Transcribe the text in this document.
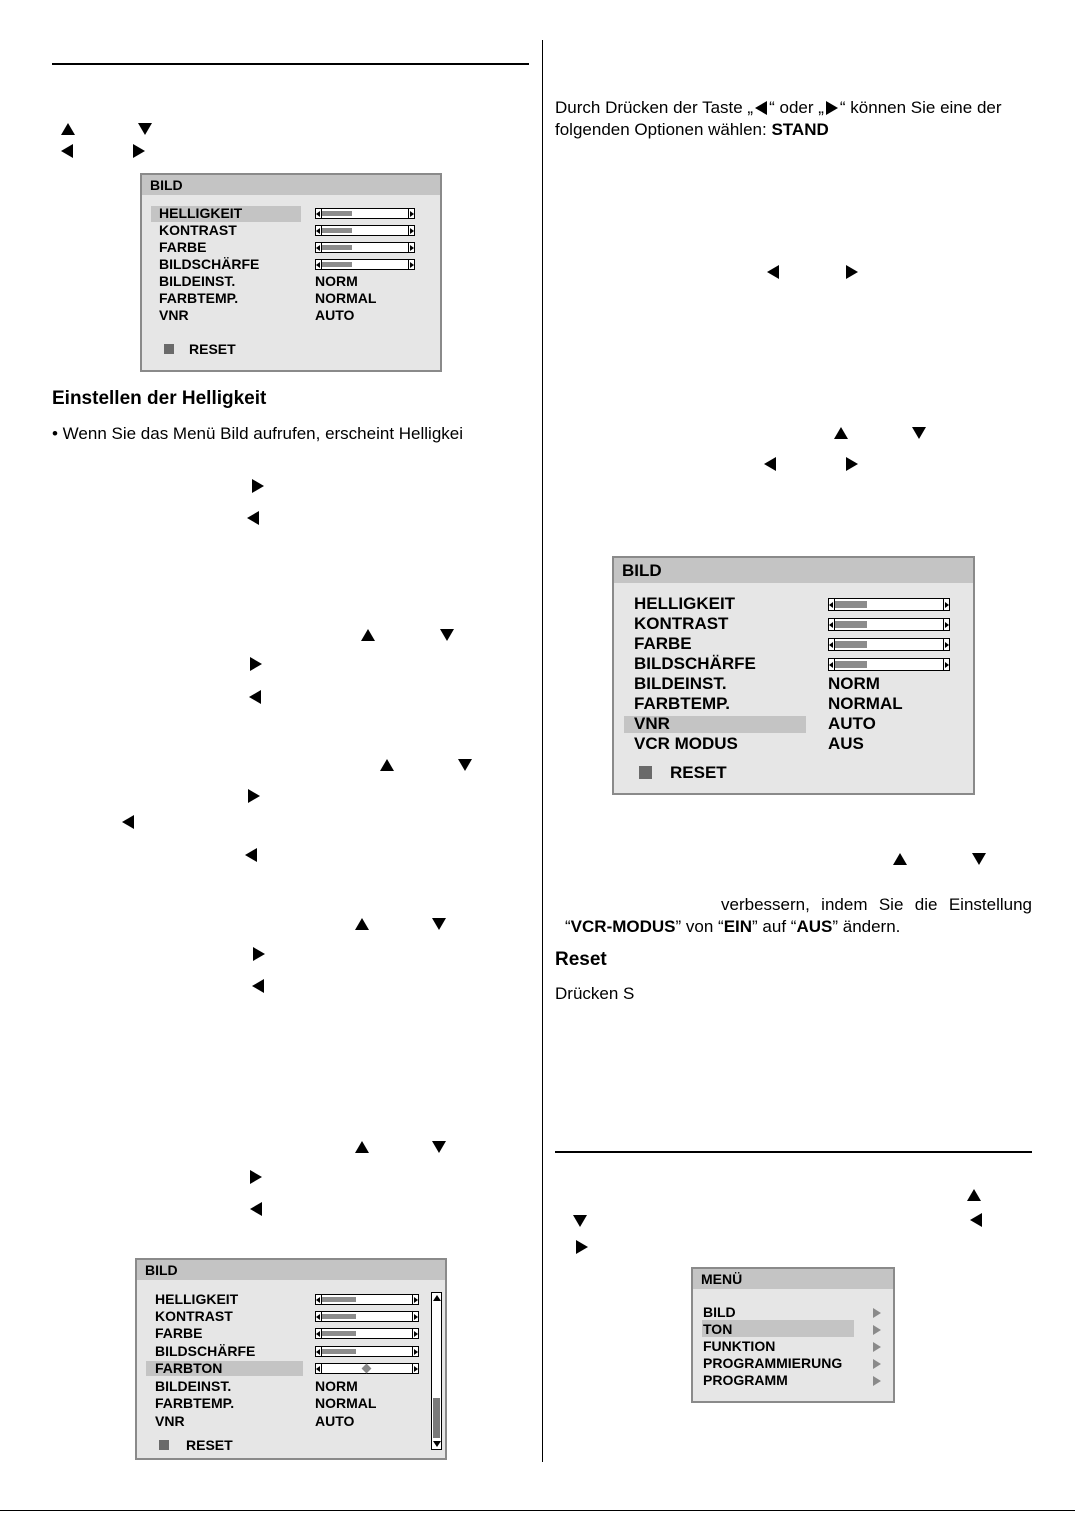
BILD
HELLIGKEIT
KONTRAST
FARBE
BILDSCHÄRFE
BILDEINST.
FARBTEMP.
VNR
NORM
NORMAL
AUTO
RESET
Einstellen der Helligkeit
• Wenn Sie das Menü Bild aufrufen, erscheint Helligkei
BILD
HELLIGKEIT
KONTRAST
FARBE
BILDSCHÄRFE
FARBTON
BILDEINST.
FARBTEMP.
VNR
NORM
NORMAL
AUTO
RESET
Durch Drücken der Taste „ “ oder „ “ können Sie eine der
folgenden Optionen wählen: STAND
BILD
HELLIGKEIT
KONTRAST
FARBE
BILDSCHÄRFE
BILDEINST.
FARBTEMP.
VNR
VCR MODUS
NORM
NORMAL
AUTO
AUS
RESET
verbessern, indem Sie die Einstellung
“VCR-MODUS” von “EIN” auf “AUS” ändern.
Reset
Drücken S
MENÜ
BILD
TON
FUNKTION
PROGRAMMIERUNG
PROGRAMM
